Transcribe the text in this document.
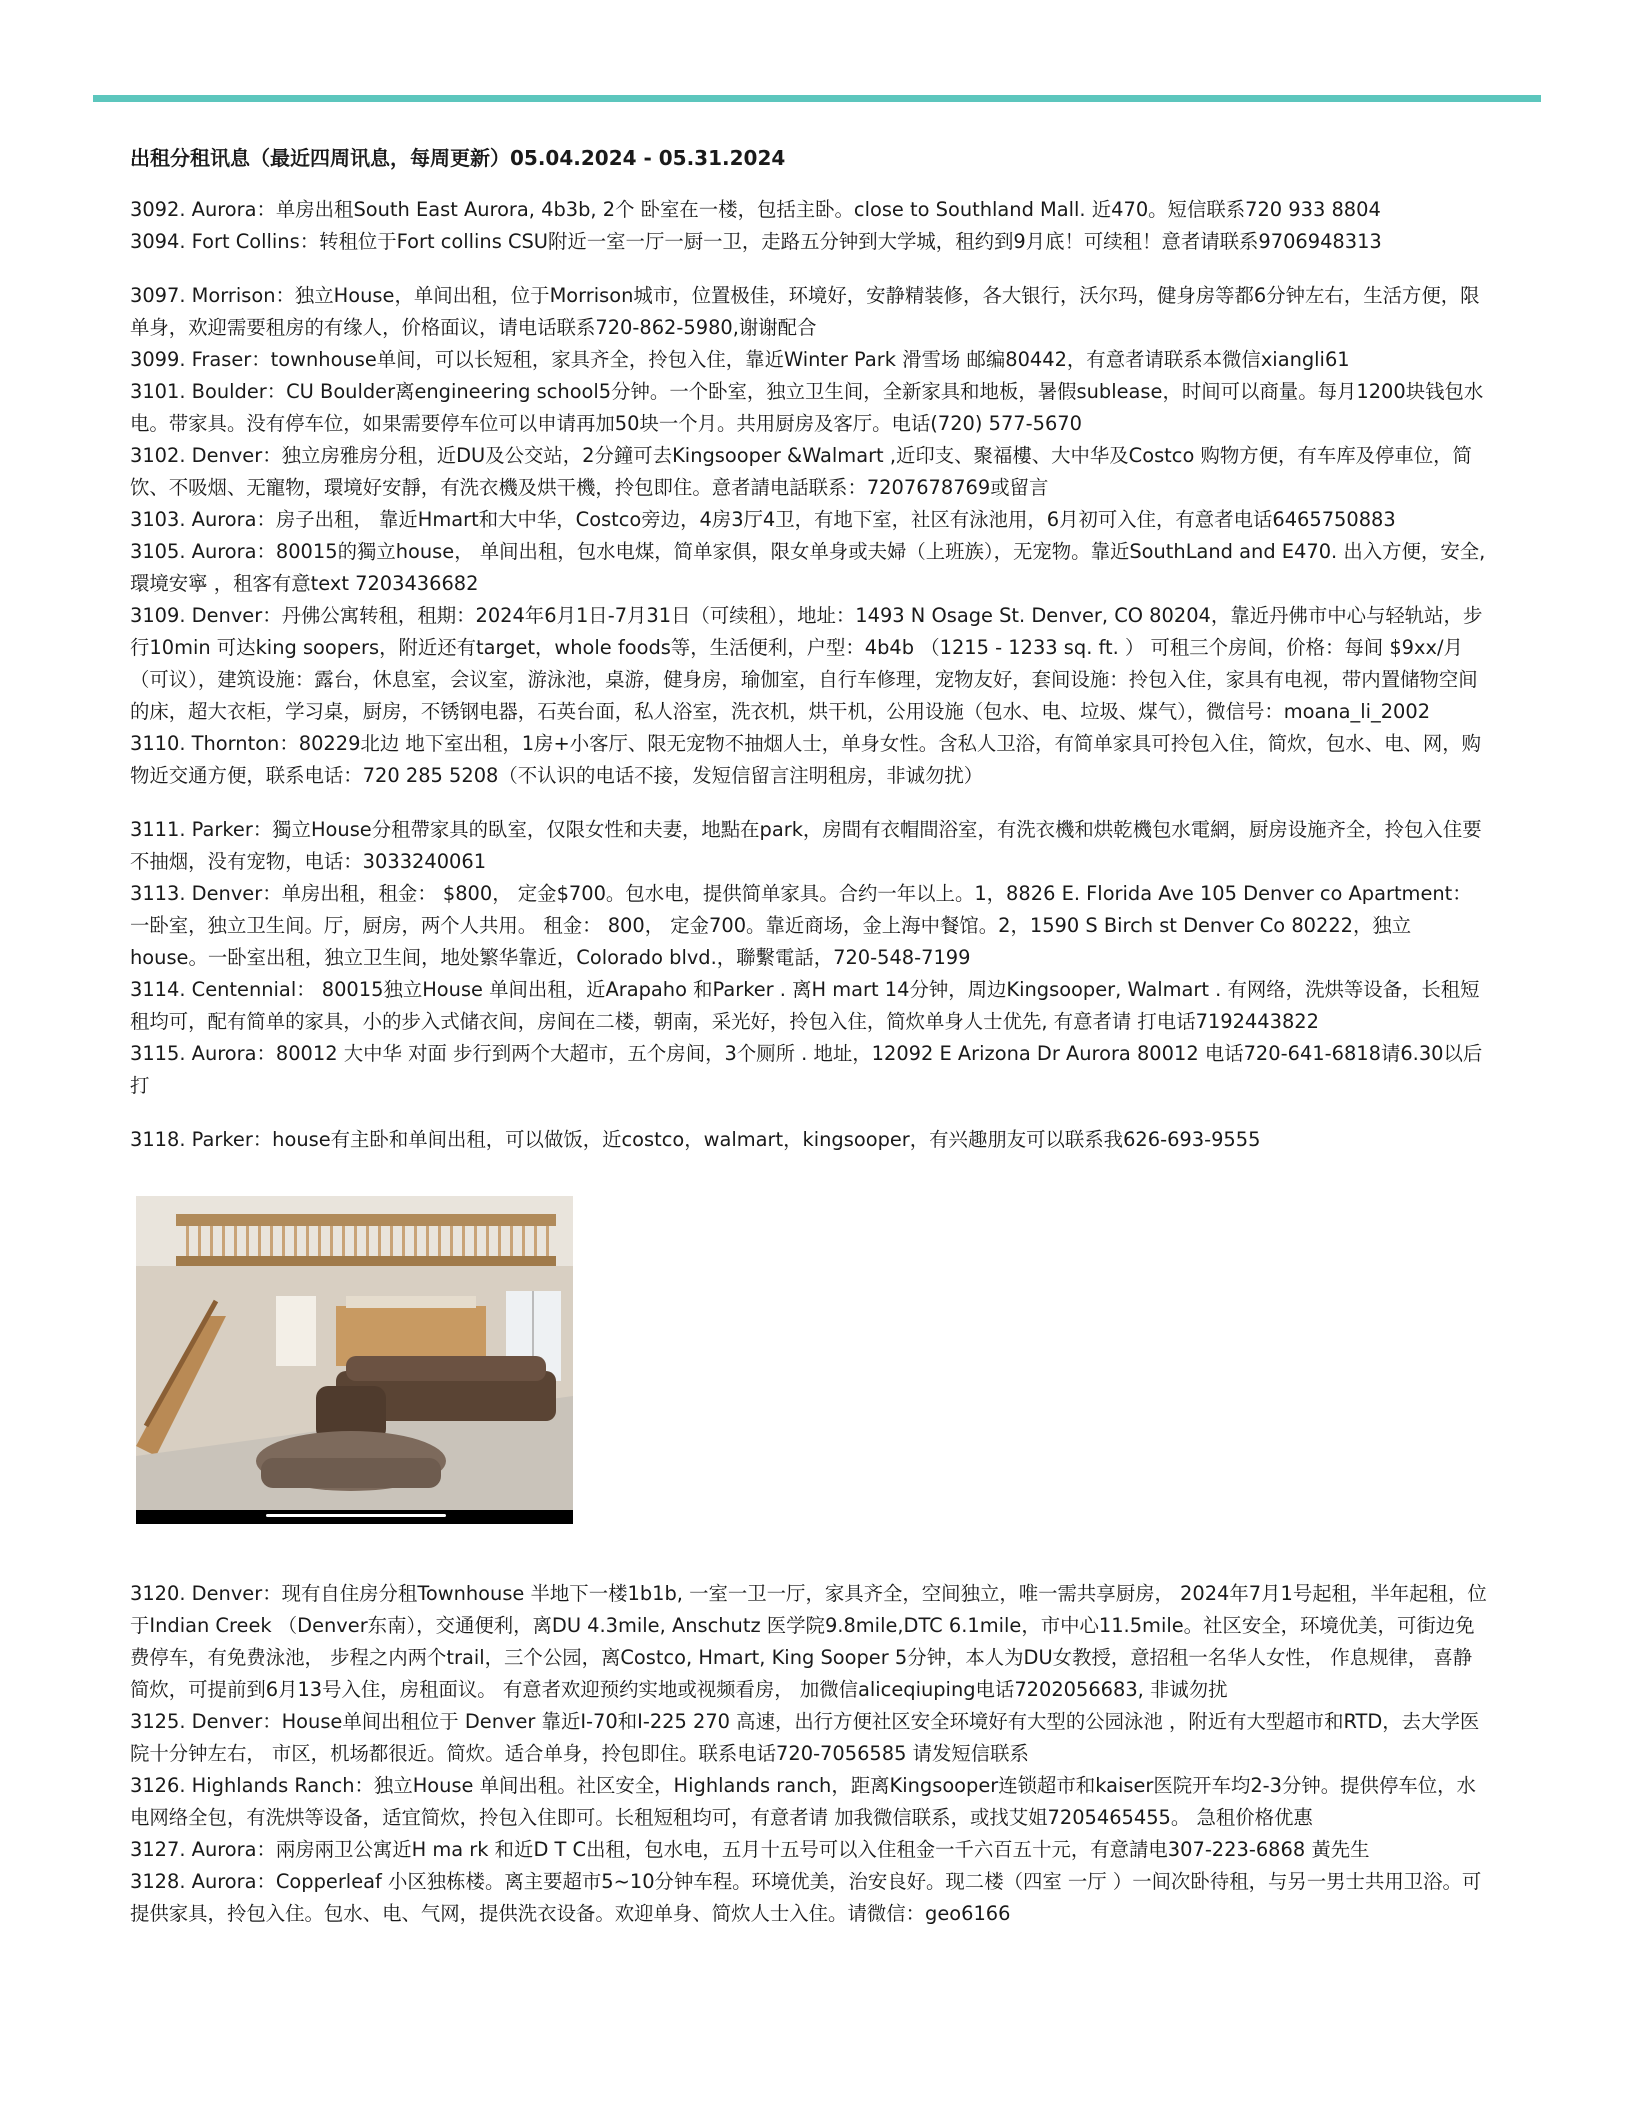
出租分租讯息（最近四周讯息，每周更新）05.04.2024 - 05.31.2024
3092. Aurora：单房出租South East Aurora, 4b3b, 2个 卧室在一楼，包括主卧。close to Southland Mall. 近470。短信联系720 933 8804
3094. Fort Collins：转租位于Fort collins CSU附近一室一厅一厨一卫，走路五分钟到大学城，租约到9月底！可续租！意者请联系9706948313
3097. Morrison：独立House，单间出租，位于Morrison城市，位置极佳，环境好，安静精装修，各大银行，沃尔玛，健身房等都6分钟左右，生活方便，限单身，欢迎需要租房的有缘人，价格面议，请电话联系720-862-5980,谢谢配合
3099. Fraser：townhouse单间，可以长短租，家具齐全，拎包入住，靠近Winter Park 滑雪场 邮编80442，有意者请联系本微信xiangli61
3101. Boulder：CU Boulder离engineering school5分钟。一个卧室，独立卫生间，全新家具和地板，暑假sublease，时间可以商量。每月1200块钱包水电。带家具。没有停车位，如果需要停车位可以申请再加50块一个月。共用厨房及客厅。电话(720) 577-5670
3102. Denver：独立房雅房分租，近DU及公交站，2分鐘可去Kingsooper &Walmart ,近印支、聚福樓、大中华及Costco 购物方便，有车库及停車位，简饮、不吸烟、无寵物，環境好安靜，有洗衣機及烘干機，拎包即住。意者請电話联系：7207678769或留言
3103. Aurora：房子出租， 靠近Hmart和大中华，Costco旁边，4房3厅4卫，有地下室，社区有泳池用，6月初可入住，有意者电话6465750883
3105. Aurora：80015的獨立house， 单间出租，包水电煤，简单家俱，限女单身或夫婦（上班族），无宠物。靠近SouthLand and E470. 出入方便，安全, 環境安寧 ，租客有意text 7203436682
3109. Denver：丹佛公寓转租，租期：2024年6月1日-7月31日（可续租），地址：1493 N Osage St. Denver, CO 80204，靠近丹佛市中心与轻轨站，步行10min 可达king soopers，附近还有target，whole foods等，生活便利，户型：4b4b （1215 - 1233 sq. ft. ） 可租三个房间，价格：每间 $9xx/月（可议），建筑设施：露台，休息室，会议室，游泳池，桌游，健身房，瑜伽室，自行车修理，宠物友好，套间设施：拎包入住，家具有电视，带内置储物空间的床，超大衣柜，学习桌，厨房，不锈钢电器，石英台面，私人浴室，洗衣机，烘干机，公用设施（包水、电、垃圾、煤气），微信号：moana_li_2002
3110. Thornton：80229北边 地下室出租，1房+小客厅、限无宠物不抽烟人士，单身女性。含私人卫浴，有简单家具可拎包入住，简炊，包水、电、网，购物近交通方便，联系电话：720 285 5208（不认识的电话不接，发短信留言注明租房，非诚勿扰）
3111. Parker：獨立House分租帶家具的臥室，仅限女性和夫妻，地點在park，房間有衣帽間浴室，有洗衣機和烘乾機包水電網，厨房设施齐全，拎包入住要不抽烟，没有宠物，电话：3033240061
3113. Denver：单房出租，租金： $800， 定金$700。包水电，提供简单家具。合约一年以上。1，8826 E. Florida Ave 105 Denver co Apartment：一卧室，独立卫生间。厅，厨房，两个人共用。 租金： 800， 定金700。靠近商场，金上海中餐馆。2，1590 S Birch st Denver Co 80222，独立 house。一卧室出租，独立卫生间，地处繁华靠近，Colorado blvd.，聯繫電話，720-548-7199
3114. Centennial： 80015独立House 单间出租，近Arapaho 和Parker . 离H mart 14分钟，周边Kingsooper, Walmart . 有网络，洗烘等设备，长租短租均可，配有简单的家具，小的步入式储衣间，房间在二楼，朝南，采光好，拎包入住，简炊单身人士优先, 有意者请 打电话7192443822
3115. Aurora：80012 大中华 对面 步行到两个大超市，五个房间，3个厕所 . 地址，12092 E Arizona Dr Aurora 80012 电话720-641-6818请6.30以后打
3118. Parker：house有主卧和单间出租，可以做饭，近costco，walmart，kingsooper，有兴趣朋友可以联系我626-693-9555
3120. Denver：现有自住房分租Townhouse 半地下一楼1b1b, 一室一卫一厅，家具齐全，空间独立，唯一需共享厨房， 2024年7月1号起租，半年起租，位于Indian Creek （Denver东南），交通便利，离DU 4.3mile, Anschutz 医学院9.8mile,DTC 6.1mile，市中心11.5mile。社区安全，环境优美，可街边免费停车，有免费泳池， 步程之内两个trail，三个公园，离Costco, Hmart, King Sooper 5分钟，本人为DU女教授，意招租一名华人女性， 作息规律， 喜静简炊，可提前到6月13号入住，房租面议。 有意者欢迎预约实地或视频看房， 加微信aliceqiuping电话7202056683, 非诚勿扰
3125. Denver：House单间出租位于 Denver 靠近I-70和I-225 270 高速，出行方便社区安全环境好有大型的公园泳池 ，附近有大型超市和RTD，去大学医院十分钟左右， 市区，机场都很近。简炊。适合单身，拎包即住。联系电话720-7056585 请发短信联系
3126. Highlands Ranch：独立House 单间出租。社区安全，Highlands ranch，距离Kingsooper连锁超市和kaiser医院开车均2-3分钟。提供停车位，水电网络全包，有洗烘等设备，适宜简炊，拎包入住即可。长租短租均可，有意者请 加我微信联系，或找艾姐7205465455。 急租价格优惠
3127. Aurora：兩房兩卫公寓近H ma rk 和近D T C出租，包水电，五月十五号可以入住租金一千六百五十元，有意請电307-223-6868 黃先生
3128. Aurora：Copperleaf 小区独栋楼。离主要超市5~10分钟车程。环境优美，治安良好。现二楼（四室 一厅 ）一间次卧待租，与另一男士共用卫浴。可提供家具，拎包入住。包水、电、气网，提供洗衣设备。欢迎单身、简炊人士入住。请微信：geo6166
